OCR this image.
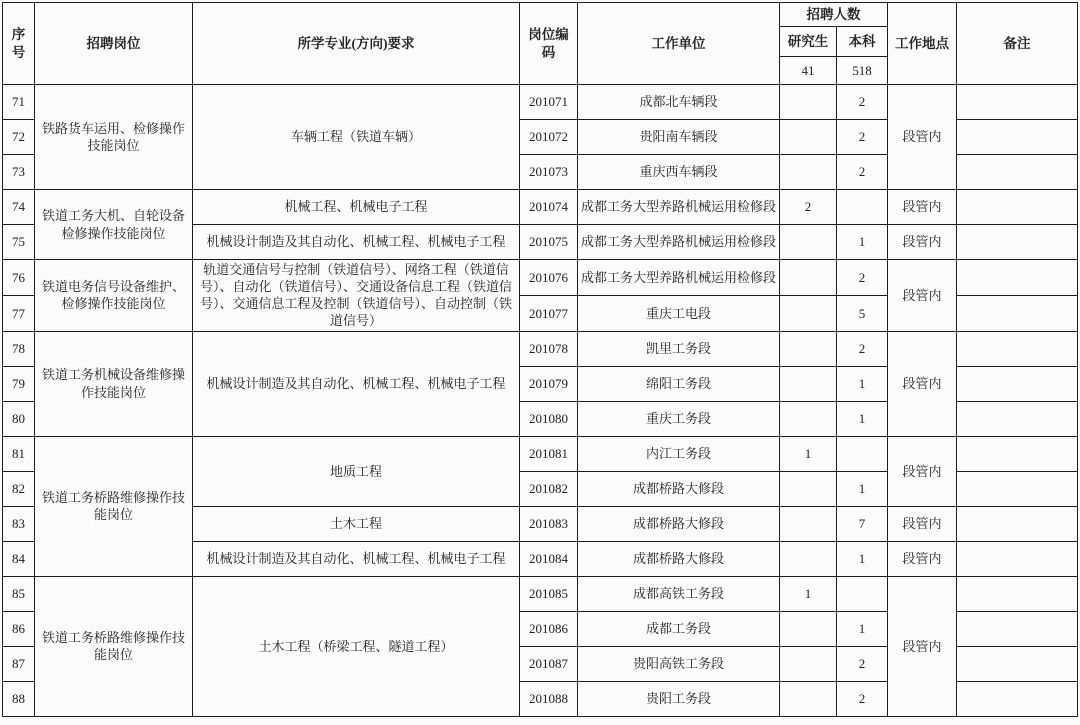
序号	招聘岗位	所学专业(方向)要求	岗位编码	工作单位	招聘人数		工作地点	备注
					研究生	本科		
					41	518		
71	铁路货车运用、检修操作技能岗位	车辆工程（铁道车辆）	201071	成都北车辆段		2	段管内	
72			201072	贵阳南车辆段		2		
73			201073	重庆西车辆段		2		
74	铁道工务大机、自轮设备检修操作技能岗位	机械工程、机械电子工程	201074	成都工务大型养路机械运用检修段	2		段管内	
75		机械设计制造及其自动化、机械工程、机械电子工程	201075	成都工务大型养路机械运用检修段		1	段管内	
76	铁道电务信号设备维护、检修操作技能岗位	轨道交通信号与控制（铁道信号）、网络工程（铁道信号）、自动化（铁道信号）、交通设备信息工程（铁道信号）、交通信息工程及控制（铁道信号）、自动控制（铁道信号）	201076	成都工务大型养路机械运用检修段		2	段管内	
77			201077	重庆工电段		5		
78	铁道工务机械设备维修操作技能岗位	机械设计制造及其自动化、机械工程、机械电子工程	201078	凯里工务段		2	段管内	
79			201079	绵阳工务段		1		
80			201080	重庆工务段		1		
81	铁道工务桥路维修操作技能岗位	地质工程	201081	内江工务段	1		段管内	
82			201082	成都桥路大修段		1		
83		土木工程	201083	成都桥路大修段		7	段管内	
84		机械设计制造及其自动化、机械工程、机械电子工程	201084	成都桥路大修段		1	段管内	
85	铁道工务桥路维修操作技能岗位	土木工程（桥梁工程、隧道工程）	201085	成都高铁工务段	1		段管内	
86			201086	成都工务段		1		
87			201087	贵阳高铁工务段		2		
88			201088	贵阳工务段		2		
